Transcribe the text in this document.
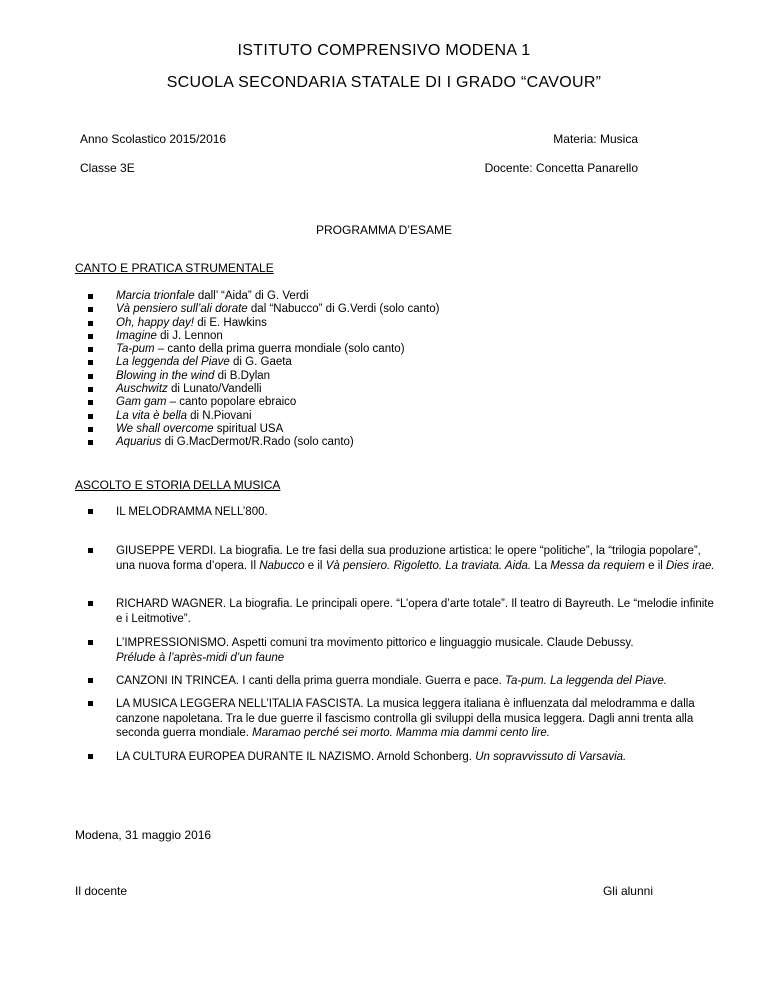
ISTITUTO COMPRENSIVO MODENA 1
SCUOLA SECONDARIA STATALE DI I GRADO “CAVOUR”
Anno Scolastico 2015/2016	Materia: Musica
Classe 3E	Docente: Concetta Panarello
PROGRAMMA D’ESAME
CANTO E PRATICA STRUMENTALE
Marcia trionfale dall’ “Aida” di G. Verdi
Và pensiero sull’ali dorate dal “Nabucco” di G.Verdi (solo canto)
Oh, happy day! di E. Hawkins
Imagine di J. Lennon
Ta-pum – canto della prima guerra mondiale (solo canto)
La leggenda del Piave di G. Gaeta
Blowing in the wind di B.Dylan
Auschwitz di Lunato/Vandelli
Gam gam – canto popolare ebraico
La vita è bella di N.Piovani
We shall overcome spiritual USA
Aquarius di G.MacDermot/R.Rado (solo canto)
ASCOLTO E STORIA DELLA MUSICA
IL MELODRAMMA NELL’800.
GIUSEPPE VERDI. La biografia. Le tre fasi della sua produzione artistica: le opere “politiche”, la “trilogia popolare”, una nuova forma d’opera. Il Nabucco e il Và pensiero. Rigoletto. La traviata. Aida. La Messa da requiem e il Dies irae.
RICHARD WAGNER. La biografia. Le principali opere. “L’opera d’arte totale”. Il teatro di Bayreuth. Le “melodie infinite e i Leitmotive”.
L’IMPRESSIONISMO. Aspetti comuni tra movimento pittorico e linguaggio musicale. Claude Debussy.
Prélude à l’après-midi d’un faune
CANZONI IN TRINCEA. I canti della prima guerra mondiale. Guerra e pace. Ta-pum. La leggenda del Piave.
LA MUSICA LEGGERA NELL’ITALIA FASCISTA. La musica leggera italiana è influenzata dal melodramma e dalla canzone napoletana. Tra le due guerre il fascismo controlla gli sviluppi della musica leggera. Dagli anni trenta alla seconda guerra mondiale. Maramao perché sei morto. Mamma mia dammi cento lire.
LA CULTURA EUROPEA DURANTE IL NAZISMO. Arnold Schonberg. Un sopravvissuto di Varsavia.
Modena, 31 maggio 2016
Il docente	Gli alunni
